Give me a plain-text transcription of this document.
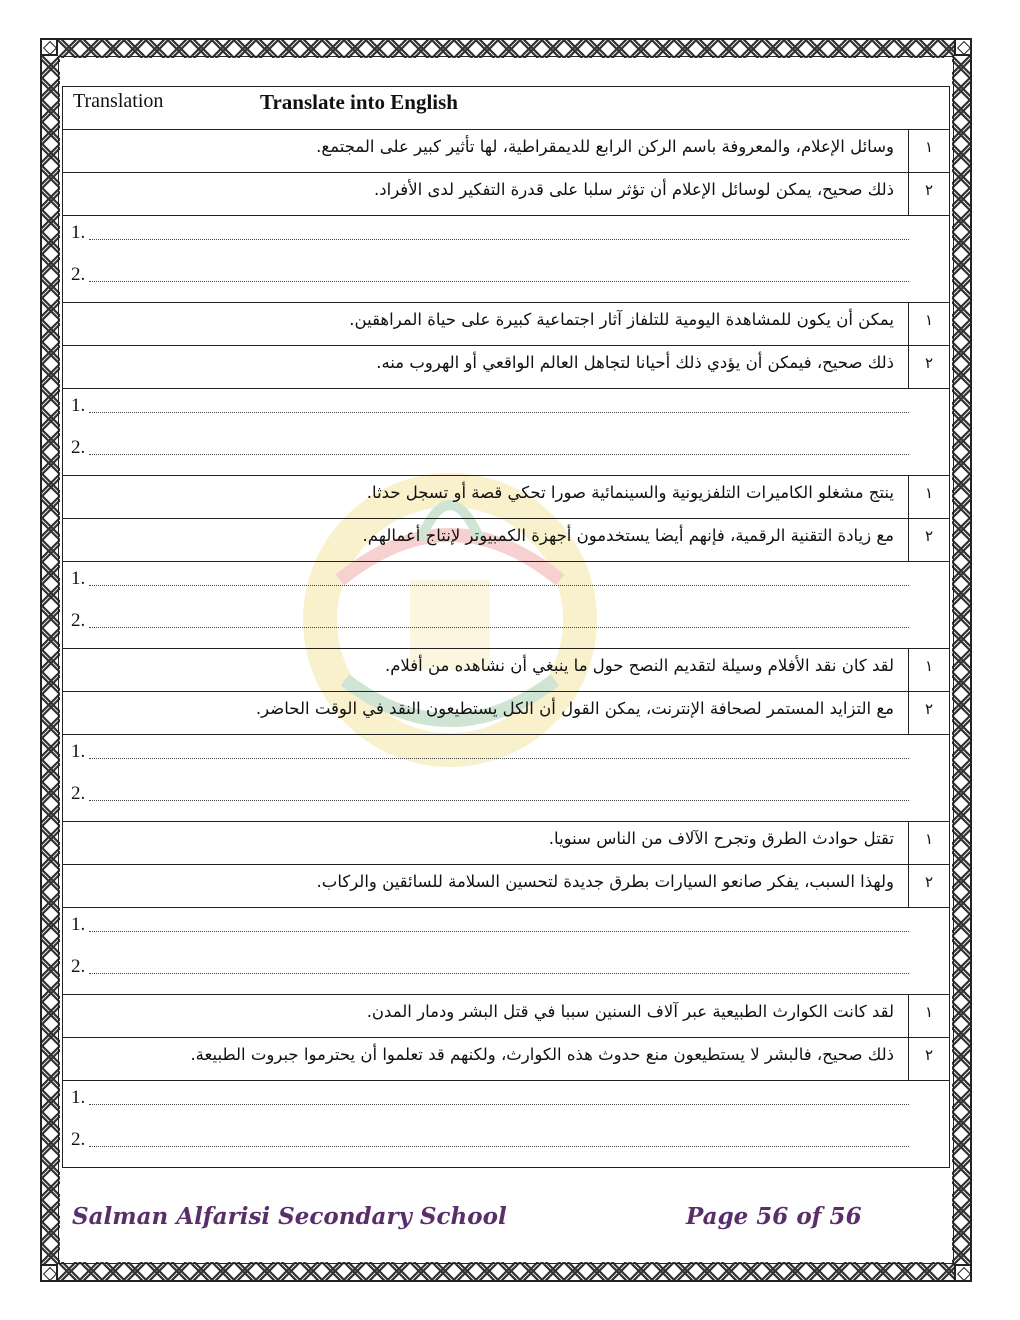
Translation	Translate into English
وسائل الإعلام، والمعروفة باسم الركن الرابع للديمقراطية، لها تأثير كبير على المجتمع.	١
ذلك صحيح، يمكن لوسائل الإعلام أن تؤثر سلبا على قدرة التفكير لدى الأفراد.	٢
1.
2.
يمكن أن يكون للمشاهدة اليومية للتلفاز آثار اجتماعية كبيرة على حياة المراهقين.	١
ذلك صحيح، فيمكن أن يؤدي ذلك أحيانا لتجاهل العالم الواقعي أو الهروب منه.	٢
1.
2.
ينتج مشغلو الكاميرات التلفزيونية والسينمائية صورا تحكي قصة أو تسجل حدثا.	١
مع زيادة التقنية الرقمية، فإنهم أيضا يستخدمون أجهزة الكمبيوتر لإنتاج أعمالهم.	٢
1.
2.
لقد كان نقد الأفلام وسيلة لتقديم النصح حول ما ينبغي أن نشاهده من أفلام.	١
مع التزايد المستمر لصحافة الإنترنت، يمكن القول أن الكل يستطيعون النقد في الوقت الحاضر.	٢
1.
2.
تقتل حوادث الطرق وتجرح الآلاف من الناس سنويا.	١
ولهذا السبب، يفكر صانعو السيارات بطرق جديدة لتحسين السلامة للسائقين والركاب.	٢
1.
2.
لقد كانت الكوارث الطبيعية عبر آلاف السنين سببا في قتل البشر ودمار المدن.	١
ذلك صحيح، فالبشر لا يستطيعون منع حدوث هذه الكوارث، ولكنهم قد تعلموا أن يحترموا جبروت الطبيعة.	٢
1.
2.
Salman Alfarisi Secondary School	Page 56 of 56
